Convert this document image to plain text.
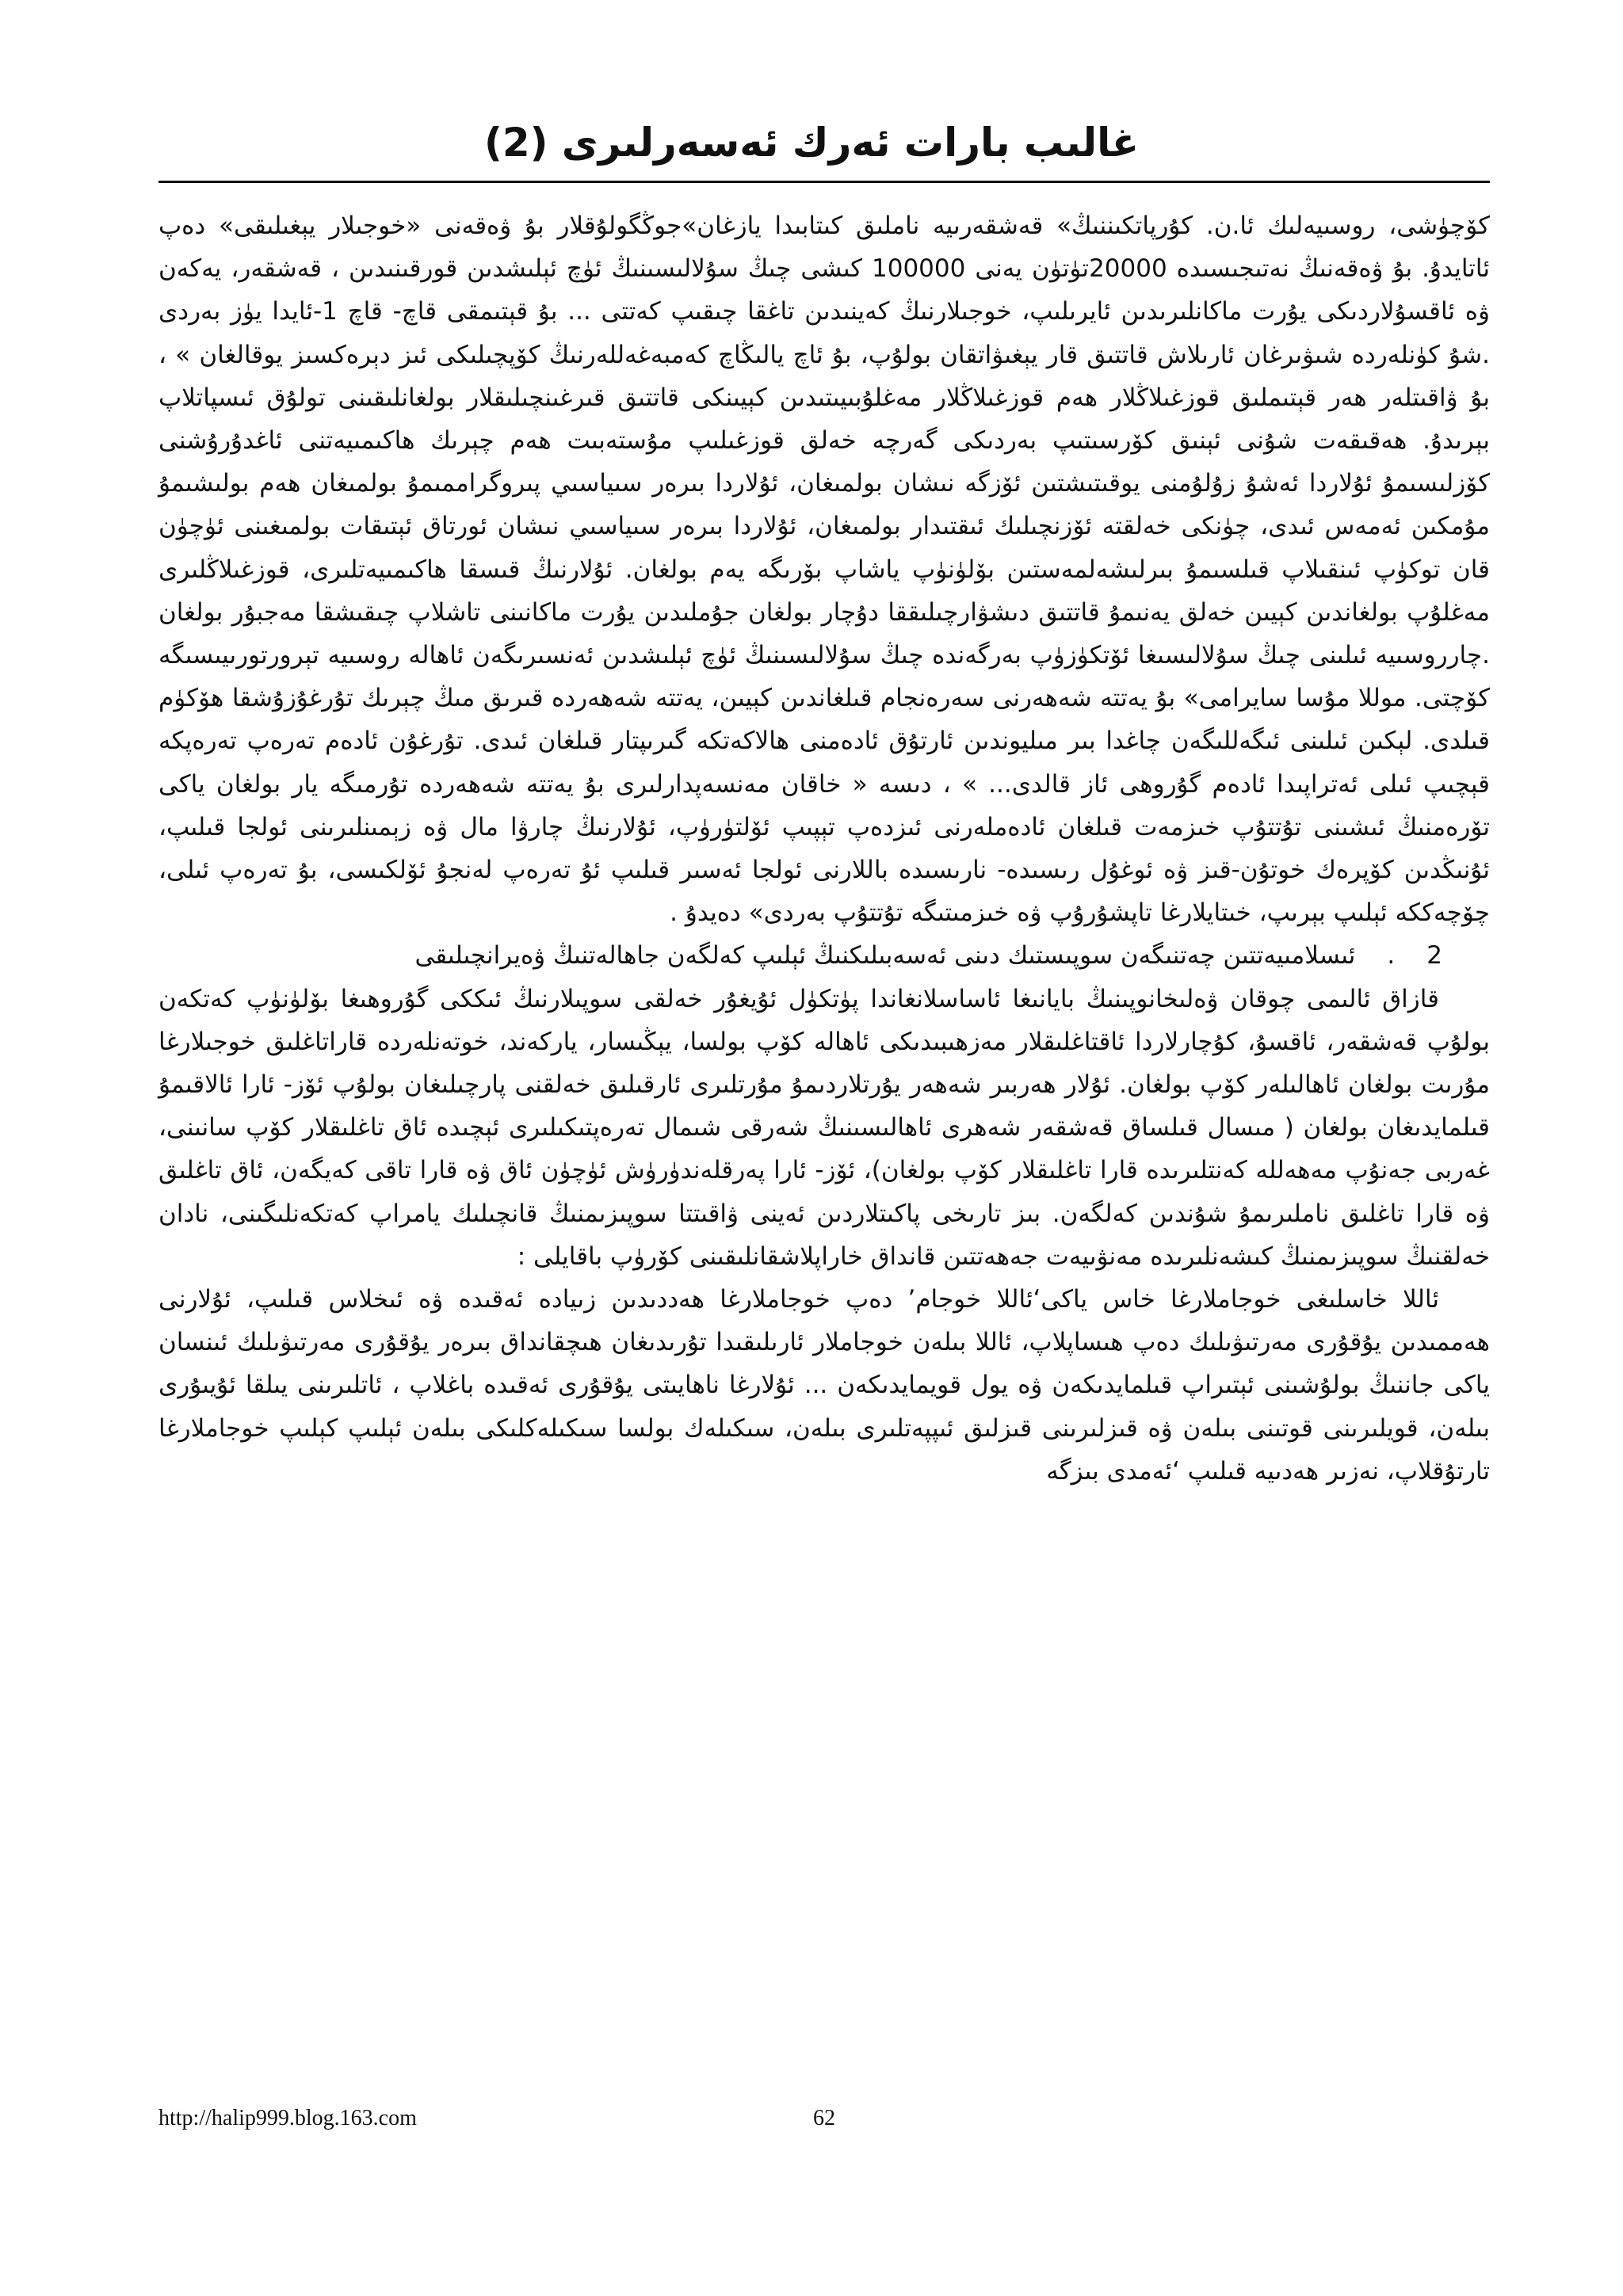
غالىب بارات ئەرك ئەسەرلىرى (2)

كۆچۈشى، روسىيەلىك ئا.ن. كۇرپاتكىننىڭ» قەشقەرىيە ناملىق كىتابىدا يازغان»جوڭگولۇقلار بۇ ۋەقەنى «خوجىلار يېغىلىقى» دەپ ئاتايدۇ. بۇ ۋەقەنىڭ نەتىجىسىدە 20000تۈتۈن يەنى 100000 كىشى چىڭ سۇلالىسىنىڭ ئۈچ ئېلىشدىن قورقىنىدىن ، قەشقەر، يەكەن ۋە ئاقسۇلاردىكى يۇرت ماكانلىرىدىن ئايرىلىپ، خوجىلارنىڭ كەينىدىن تاغقا چىقىپ كەتتى ... بۇ قېتىمقى قاچ- قاچ 1-ئايدا يۈز بەردى .شۇ كۈنلەردە شىۋىرغان ئارىلاش قاتتىق قار يېغىۋاتقان بولۇپ، بۇ ئاچ يالىڭاچ كەمبەغەللەرنىڭ كۆپچىلىكى ئىز دېرەكسىز يوقالغان » ، بۇ ۋاقىتلەر ھەر قېتىملىق قوزغىلاڭلار ھەم قوزغىلاڭلار مەغلۇبىيىتىدىن كېيىنكى قاتتىق قىرغىنچىلىقلار بولغانلىقىنى تولۇق ئىسپاتلاپ بېرىدۇ. ھەقىقەت شۇنى ئېنىق كۆرسىتىپ بەردىكى گەرچە خەلق قوزغىلىپ مۇستەبىت ھەم چېرىك ھاكىمىيەتنى ئاغدۇرۇشنى كۆزلىسىمۇ ئۇلاردا ئەشۇ زۇلۇمنى يوقىتىشتىن ئۆزگە نىشان بولمىغان، ئۇلاردا بىرەر سىياسىي پىروگراممىمۇ بولمىغان ھەم بولىشىمۇ مۇمكىن ئەمەس ئىدى، چۈنكى خەلقتە ئۆزنچىلىك ئىقتىدار بولمىغان، ئۇلاردا بىرەر سىياسىي نىشان ئورتاق ئېتىقات بولمىغىنى ئۈچۈن قان توكۈپ ئىنقىلاپ قىلسىمۇ بىرلىشەلمەستىن بۆلۈنۈپ ياشاپ بۆرىگە يەم بولغان. ئۇلارنىڭ قىسقا ھاكىمىيەتلىرى، قوزغىلاڭلىرى مەغلۇپ بولغاندىن كېيىن خەلق يەنىمۇ قاتتىق دىشۋارچىلىققا دۇچار بولغان جۇملىدىن يۇرت ماكانىنى تاشلاپ چىقىشقا مەجبۇر بولغان .چارروسىيە ئىلىنى چىڭ سۇلالىسىغا ئۆتكۈزۈپ بەرگەندە چىڭ سۇلالىسىنىڭ ئۈچ ئېلىشدىن ئەنسىرىگەن ئاھالە روسىيە تېرورتورىيىسىگە كۆچتى. موللا مۇسا سايرامى» بۇ يەتتە شەھەرنى سەرەنجام قىلغاندىن كېيىن، يەتتە شەھەردە قىرىق مىڭ چېرىك تۇرغۇزۇشقا ھۆكۈم قىلدى. لېكىن ئىلىنى ئىگەللىگەن چاغدا بىر مىليوندىن ئارتۇق ئادەمنى ھالاكەتكە گىرىپتار قىلغان ئىدى. تۇرغۇن ئادەم تەرەپ تەرەپكە قېچىپ ئىلى ئەتراپىدا ئادەم گۇروھى ئاز قالدى... » ، دىسە « خاقان مەنسەپدارلىرى بۇ يەتتە شەھەردە تۇرمىگە يار بولغان ياكى تۆرەمنىڭ ئىشىنى تۇتتۇپ خىزمەت قىلغان ئادەملەرنى ئىزدەپ تېپىپ ئۆلتۈرۈپ، ئۇلارنىڭ چارۋا مال ۋە زېمىنلىرىنى ئولجا قىلىپ، ئۇنىڭدىن كۆپرەك خوتۇن-قىز ۋە ئوغۇل رىسىدە- نارىسىدە باللارنى ئولجا ئەسىر قىلىپ ئۇ تەرەپ لەنجۇ ئۆلكىسى، بۇ تەرەپ ئىلى، چۆچەككە ئېلىپ بېرىپ، خىتايلارغا تاپشۇرۇپ ۋە خىزمىتىگە تۇتتۇپ بەردى» دەيدۇ .

2.ئىسلامىيەتتىن چەتنىگەن سوپىستىك دىنى ئەسەبىلىكنىڭ ئېلىپ كەلگەن جاھالەتنىڭ ۋەيرانچىلىقى

قازاق ئالىمى چوقان ۋەلىخانوپىنىڭ بايانىغا ئاساسلانغاندا پۈتكۈل ئۇيغۇر خەلقى سوپىلارنىڭ ئىككى گۇروھىغا بۆلۈنۈپ كەتكەن بولۇپ قەشقەر، ئاقسۇ، كۇچارلاردا ئاقتاغلىقلار مەزھىبىدىكى ئاھالە كۆپ بولسا، يېڭىسار، ياركەند، خوتەنلەردە قاراتاغلىق خوجىلارغا مۇرىت بولغان ئاھالىلەر كۆپ بولغان. ئۇلار ھەربىر شەھەر يۇرتلاردىمۇ مۇرتلىرى ئارقىلىق خەلقنى پارچىلىغان بولۇپ ئۆز- ئارا ئالاقىمۇ قىلمايدىغان بولغان ( مىسال قىلساق قەشقەر شەھرى ئاھالىسىنىڭ شەرقى شىمال تەرەپتىكىلىرى ئېچىدە ئاق تاغلىقلار كۆپ سانىنى، غەربى جەنۇپ مەھەللە كەنتلىرىدە قارا تاغلىقلار كۆپ بولغان)، ئۆز- ئارا پەرقلەندۈرۈش ئۈچۈن ئاق ۋە قارا تاقى كەيگەن، ئاق تاغلىق ۋە قارا تاغلىق ناملىرىمۇ شۇندىن كەلگەن. بىز تارىخى پاكىتلاردىن ئەينى ۋاقىتتا سوپىزىمنىڭ قانچىلىك يامراپ كەتكەنلىگىنى، نادان خەلقنىڭ سوپىزىمنىڭ كىشەنلىرىدە مەنۋىيەت جەھەتتىن قانداق خاراپلاشقانلىقىنى كۆرۈپ باقايلى :

ئاللا خاسلىغى خوجاملارغا خاس ياكى‘ئاللا خوجام’ دەپ خوجاملارغا ھەددىدىن زىيادە ئەقىدە ۋە ئىخلاس قىلىپ، ئۇلارنى ھەممىدىن يۇقۇرى مەرتىۋىلىك دەپ ھىساپلاپ، ئاللا بىلەن خوجاملار ئارىلىقىدا تۇرىدىغان ھىچقانداق بىرەر يۇقۇرى مەرتىۋىلىك ئىنسان ياكى جاننىڭ بولۇشىنى ئېتىراپ قىلمايدىكەن ۋە يول قويمايدىكەن ... ئۇلارغا ناھايىتى يۇقۇرى ئەقىدە باغلاپ ، ئاتلىرىنى يىلقا ئۇيىۇرى بىلەن، قويلىرىنى قوتىنى بىلەن ۋە قىزلىرىنى قىزلىق ئىپپەتلىرى بىلەن، سىكىلەك بولسا سىكىلەكلىكى بىلەن ئېلىپ كېلىپ خوجاملارغا تارتۇقلاپ، نەزىر ھەدىيە قىلىپ ‘ئەمدى بىزگە

http://halip999.blog.163.com	62
